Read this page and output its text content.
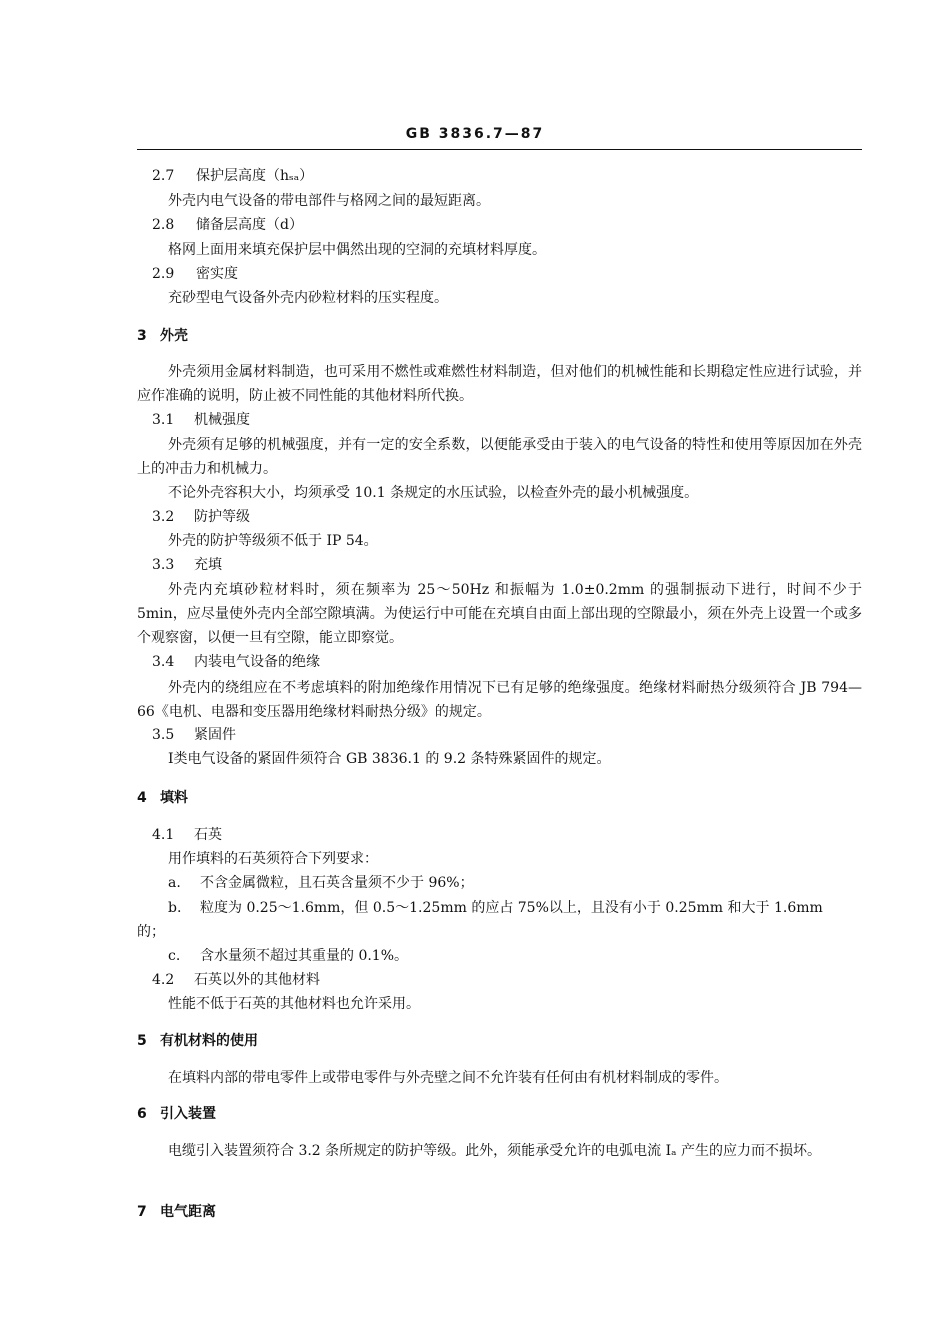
GB 3836.7—87
2.7 保护层高度（hₛₐ）
外壳内电气设备的带电部件与格网之间的最短距离。
2.8 储备层高度（d）
格网上面用来填充保护层中偶然出现的空洞的充填材料厚度。
2.9 密实度
充砂型电气设备外壳内砂粒材料的压实程度。
3 外壳

外壳须用金属材料制造，也可采用不燃性或难燃性材料制造，但对他们的机械性能和长期稳定性应进行试验，并应作准确的说明，防止被不同性能的其他材料所代换。

3.1 机械强度

外壳须有足够的机械强度，并有一定的安全系数，以便能承受由于装入的电气设备的特性和使用等原因加在外壳上的冲击力和机械力。

不论外壳容积大小，均须承受 10.1 条规定的水压试验，以检查外壳的最小机械强度。

3.2 防护等级
外壳的防护等级须不低于 IP 54。
3.3 充填

外壳内充填砂粒材料时，须在频率为 25～50Hz 和振幅为 1.0±0.2mm 的强制振动下进行，时间不少于 5min，应尽量使外壳内全部空隙填满。为使运行中可能在充填自由面上部出现的空隙最小，须在外壳上设置一个或多个观察窗，以便一旦有空隙，能立即察觉。

3.4 内装电气设备的绝缘

外壳内的绕组应在不考虑填料的附加绝缘作用情况下已有足够的绝缘强度。绝缘材料耐热分级须符合 JB 794—66《电机、电器和变压器用绝缘材料耐热分级》的规定。

3.5 紧固件
Ⅰ类电气设备的紧固件须符合 GB 3836.1 的 9.2 条特殊紧固件的规定。
4 填料
4.1 石英
用作填料的石英须符合下列要求：
a. 不含金属微粒，且石英含量须不少于 96%；
b. 粒度为 0.25～1.6mm，但 0.5～1.25mm 的应占 75%以上，且没有小于 0.25mm 和大于 1.6mm
的；
c. 含水量须不超过其重量的 0.1%。
4.2 石英以外的其他材料
性能不低于石英的其他材料也允许采用。
5 有机材料的使用
在填料内部的带电零件上或带电零件与外壳壁之间不允许装有任何由有机材料制成的零件。
6 引入装置

电缆引入装置须符合 3.2 条所规定的防护等级。此外，须能承受允许的电弧电流 Iₐ 产生的应力而不损坏。

7 电气距离
